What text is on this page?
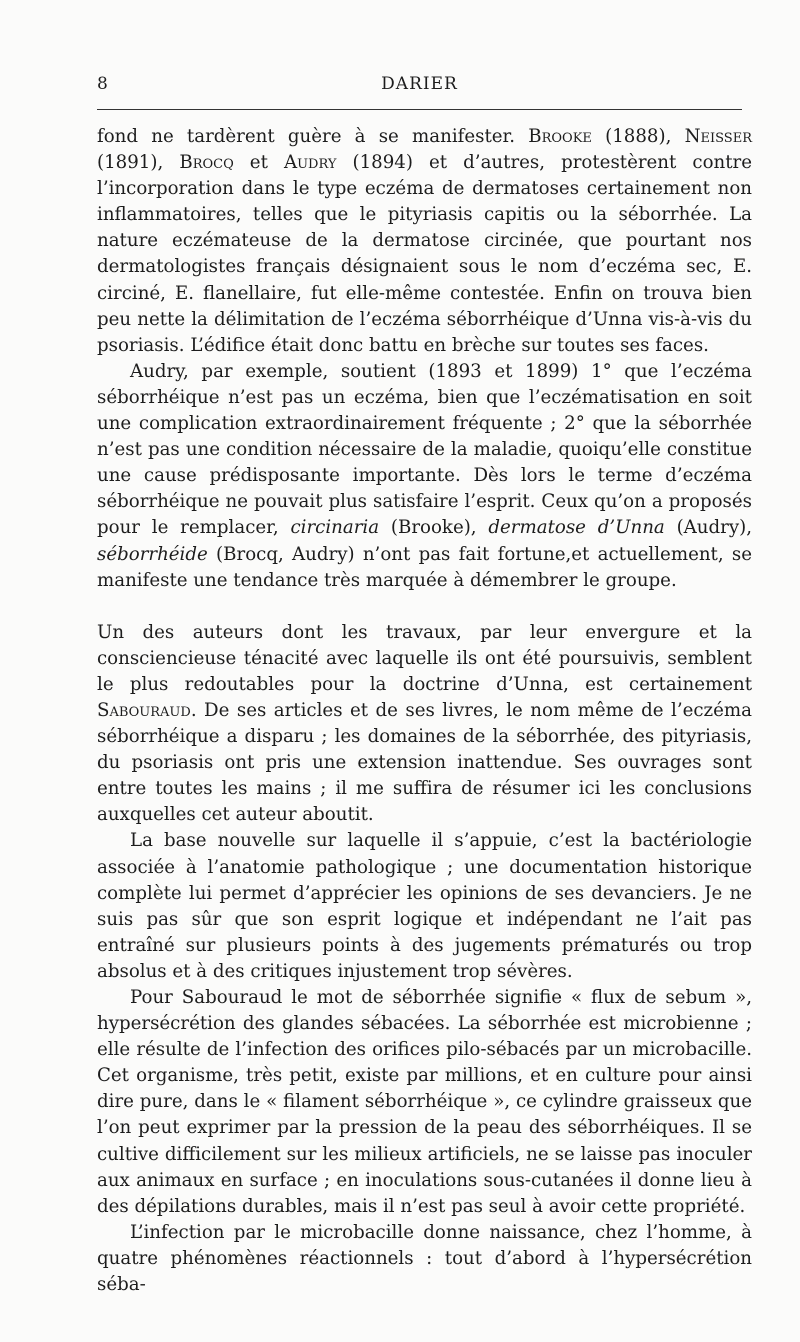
8	DARIER

fond ne tardèrent guère à se manifester. Brooke (1888), Neisser (1891), Brocq et Audry (1894) et d’autres, protestèrent contre l’incorporation dans le type eczéma de dermatoses certainement non inflammatoires, telles que le pityriasis capitis ou la séborrhée. La nature eczémateuse de la dermatose circinée, que pourtant nos dermatologistes français désignaient sous le nom d’eczéma sec, E. circiné, E. flanellaire, fut elle-même contestée. Enfin on trouva bien peu nette la délimitation de l’eczéma séborrhéique d’Unna vis-à-vis du psoriasis. L’édifice était donc battu en brèche sur toutes ses faces.

Audry, par exemple, soutient (1893 et 1899) 1° que l’eczéma séborrhéique n’est pas un eczéma, bien que l’eczématisation en soit une complication extraordinairement fréquente ; 2° que la séborrhée n’est pas une condition nécessaire de la maladie, quoiqu’elle constitue une cause prédisposante importante. Dès lors le terme d’eczéma séborrhéique ne pouvait plus satisfaire l’esprit. Ceux qu’on a proposés pour le remplacer, circinaria (Brooke), dermatose d’Unna (Audry), séborrhéide (Brocq, Audry) n’ont pas fait fortune,et actuellement, se manifeste une tendance très marquée à démembrer le groupe.

Un des auteurs dont les travaux, par leur envergure et la consciencieuse ténacité avec laquelle ils ont été poursuivis, semblent le plus redoutables pour la doctrine d’Unna, est certainement Sabouraud. De ses articles et de ses livres, le nom même de l’eczéma séborrhéique a disparu ; les domaines de la séborrhée, des pityriasis, du psoriasis ont pris une extension inattendue. Ses ouvrages sont entre toutes les mains ; il me suffira de résumer ici les conclusions auxquelles cet auteur aboutit.

La base nouvelle sur laquelle il s’appuie, c’est la bactériologie associée à l’anatomie pathologique ; une documentation historique complète lui permet d’apprécier les opinions de ses devanciers. Je ne suis pas sûr que son esprit logique et indépendant ne l’ait pas entraîné sur plusieurs points à des jugements prématurés ou trop absolus et à des critiques injustement trop sévères.

Pour Sabouraud le mot de séborrhée signifie « flux de sebum », hypersécrétion des glandes sébacées. La séborrhée est microbienne ; elle résulte de l’infection des orifices pilo-sébacés par un microbacille. Cet organisme, très petit, existe par millions, et en culture pour ainsi dire pure, dans le « filament séborrhéique », ce cylindre graisseux que l’on peut exprimer par la pression de la peau des séborrhéiques. Il se cultive difficilement sur les milieux artificiels, ne se laisse pas inoculer aux animaux en surface ; en inoculations sous-cutanées il donne lieu à des dépilations durables, mais il n’est pas seul à avoir cette propriété.

L’infection par le microbacille donne naissance, chez l’homme, à quatre phénomènes réactionnels : tout d’abord à l’hypersécrétion séba-
